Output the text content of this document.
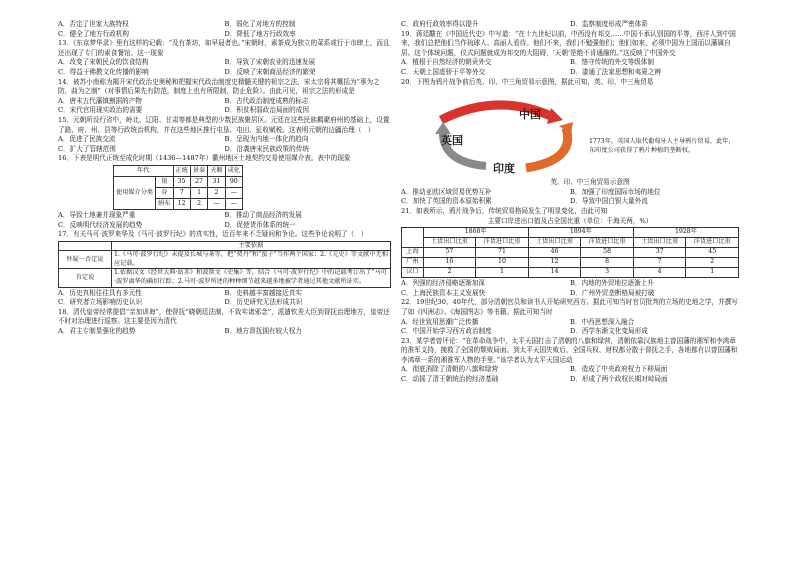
A．否定了世家大族特权	B．弱化了对地方的控制
C．健全了地方行政机构	D．降低了地方行政效率

13．《东京梦华录》里有这样的记载：“及有茶坊，如早晨者也。”宋朝时，素茶成为独立的菜系或行于市肆上，而且还出现了专门的素食餐馆。这一现象

A．改变了宋朝民众的饮食结构	B．导致了宋朝农业的迅速发展
C．得益于佛教文化传播的影响	D．反映了宋朝商品经济的繁荣

14．被苏小南称为揭开宋代政治史奥秘和把握宋代政治制度史精髓关键的祖宗之法，宋太宗将其概括为“事为之防，曲为之制”（对事情后果先有防范，制度上也有所限制，防止危险）。由此可见，祖宗之法的形成是

A．唐末五代藩镇割据的产物	B．古代政治制度成熟的标志
C．宋代官用现实政治的需要	D．积贫积弱政治局面的成因

15．元朝所设行省中，岭北、辽阳、甘肃等都是典型的少数民族聚居区。元廷在这些民族羁縻府州的基础上，设置了路、府、州、县等行政统治机构，并在这些地区推行屯垦、屯田、征收赋税。这表明元朝的边疆治理（　）

A．促进了民族交流	B．呈现为内地一体化的趋向
C．扩大了管辖范围	D．沿袭唐宋民族政策的传统

16．下表是明代正统至成化时期（1436—1487年）徽州地区土地契约交易使用媒介表。表中的现象

年代		正统	景泰	天顺	成化
使用媒介分类	银	35	27	31	90
	谷	7	1	2	—
	绢布	12	2	—	—
A．导致土地兼并现象严重	B．推动了商品经济的发展
C．反映明代经济发展的趋势	D．促使货币体系的统一

17．有关马可·波罗来华及《马可·波罗行纪》的真实性，近百年来不乏疑问和争论。这些争论说明了（　）

	主要依据
怀疑一否定说	1.《马可·波罗行纪》未提及长城与茶等，把“契丹”和“蛮子”当作两个国家；2.《元史》等文献中无相应记载。
肯定说	1.依据汉文《经世大典·站赤》和波斯文《史集》等，结合《马可·波罗行纪》中的记载考订出了“马可·波罗离华的确切行踪；2.马可·波罗所述的种种细节越来越多地被学者通过其他文献所证实。
A．历史真相往往具有多元性	B．史料越丰富越接近真实
C．研究者立场影响历史认识	D．历史研究无法形成共识

18．清代皇帝经常提倡“亲加训诲”，使督抚“晓朝廷法制，不致实诸邪念”，派遣钦差大臣到督抚治理地方，皇帝还不时对治理进行巡察。这主要是因为清代

A．君主专制显强化的趋势	B．地方督抚拥有较大权力
C．政府行政效率得以提升	D．监察制度形成严密体系

19．蒋廷黻在《中国近代史》中写道：“在十九世纪以前，中西没有邦交……中国不承认别国的平等，西洋人到中国来，我们总把他们当作琉球人、高丽人看待。他们不来，我们不勉强他们；他们如来，必须中国为上国而以藩属自居。这个体统问题，仪式问题就成为邦交的大阻碍，‘天朝’是绝不肯通融的。”这反映了中国外交

A．植根于自然经济的朝贡外交	B．恪守传统的外交等级体制
C．天朝上国虚骄于平等外交	D．漆通了法家思想和夷夏之辨

20．下图为鸦片战争前后英、印、中三角贸易示意图，据此可知，英、印、中三角贸易

中国
英国
印度
1773年，英国人取代葡萄牙人主导鸦片贸易，此年，东印度公司获得了鸦片种植的垄断权。

英、印、中三角贸易示意图

A．推动亚欧区域贸易优势互补	B．加强了印度国际市场的地位
C．加快了英国的资本原始积累	D．导致中国白银大量外流

21．如表所示，鸦片战争后，传统贸易格局发生了明显变化，由此可知

主要口岸进出口值及占全国比重（单位：千海关两，%）

	1868年		1894年		1928年	
	土货出口比重	洋货进口比重	土货出口比重	洋货进口比重	土货出口比重	洋货进口比重
上海	57	71	46	58	37	45
广州	16	10	12	8	7	2
汉口	2	1	14	3	4	1
A．列强的经济侵略逐渐加深	B．内地的外贸地位逐渐上升
C．上海民族资本主义发展快	D．广州外贸垄断格局被打破

22．19世纪30、40年代，部分清朝官员和读书人开始研究西方。据此可知当时官员批判的立场的史地之学，并撰写了如《四洲志》、《海国图志》等书籍。据此可知当时

A．经世致用思潮广泛传播	B．中西思想深入融合
C．中国开始学习西方政治制度	D．西学东渐文化变局形成

23．某学者曾评论：“在革命战争中，太平天国打击了清朝的八旗和绿营，清朝依靠汉族地主曾国藩的湘军和李鸿章的淮军支持，挽救了全国的颓败局面。到太平天国失败后，全国兵权、财权都分散于督抚之手，各地都有以曾国藩和李鸿章一系的湘淮军人物的手里。”该学者认为太平天国运动

A．彻底消除了清朝的八旗和绿营	B．造成了中央政府权力下移局面
C．动摇了清王朝统治的经济基础	D．形成了两个政权长期对峙局面
